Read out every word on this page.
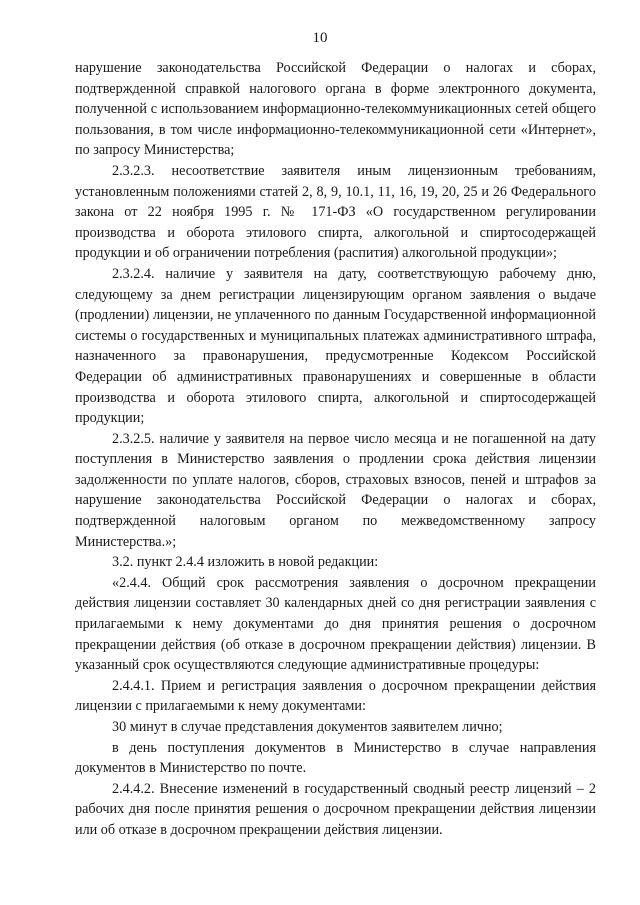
10

нарушение законодательства Российской Федерации о налогах и сборах, подтвержденной справкой налогового органа в форме электронного документа, полученной с использованием информационно-телекоммуникационных сетей общего пользования, в том числе информационно-телекоммуникационной сети «Интернет», по запросу Министерства;

2.3.2.3. несоответствие заявителя иным лицензионным требованиям, установленным положениями статей 2, 8, 9, 10.1, 11, 16, 19, 20, 25 и 26 Федерального закона от 22 ноября 1995 г. № 171-ФЗ «О государственном регулировании производства и оборота этилового спирта, алкогольной и спиртосодержащей продукции и об ограничении потребления (распития) алкогольной продукции»;

2.3.2.4. наличие у заявителя на дату, соответствующую рабочему дню, следующему за днем регистрации лицензирующим органом заявления о выдаче (продлении) лицензии, не уплаченного по данным Государственной информационной системы о государственных и муниципальных платежах административного штрафа, назначенного за правонарушения, предусмотренные Кодексом Российской Федерации об административных правонарушениях и совершенные в области производства и оборота этилового спирта, алкогольной и спиртосодержащей продукции;

2.3.2.5. наличие у заявителя на первое число месяца и не погашенной на дату поступления в Министерство заявления о продлении срока действия лицензии задолженности по уплате налогов, сборов, страховых взносов, пеней и штрафов за нарушение законодательства Российской Федерации о налогах и сборах, подтвержденной налоговым органом по межведомственному запросу Министерства.»;

3.2. пункт 2.4.4 изложить в новой редакции:

«2.4.4. Общий срок рассмотрения заявления о досрочном прекращении действия лицензии составляет 30 календарных дней со дня регистрации заявления с прилагаемыми к нему документами до дня принятия решения о досрочном прекращении действия (об отказе в досрочном прекращении действия) лицензии. В указанный срок осуществляются следующие административные процедуры:

2.4.4.1. Прием и регистрация заявления о досрочном прекращении действия лицензии с прилагаемыми к нему документами:

30 минут в случае представления документов заявителем лично;

в день поступления документов в Министерство в случае направления документов в Министерство по почте.

2.4.4.2. Внесение изменений в государственный сводный реестр лицензий – 2 рабочих дня после принятия решения о досрочном прекращении действия лицензии или об отказе в досрочном прекращении действия лицензии.
